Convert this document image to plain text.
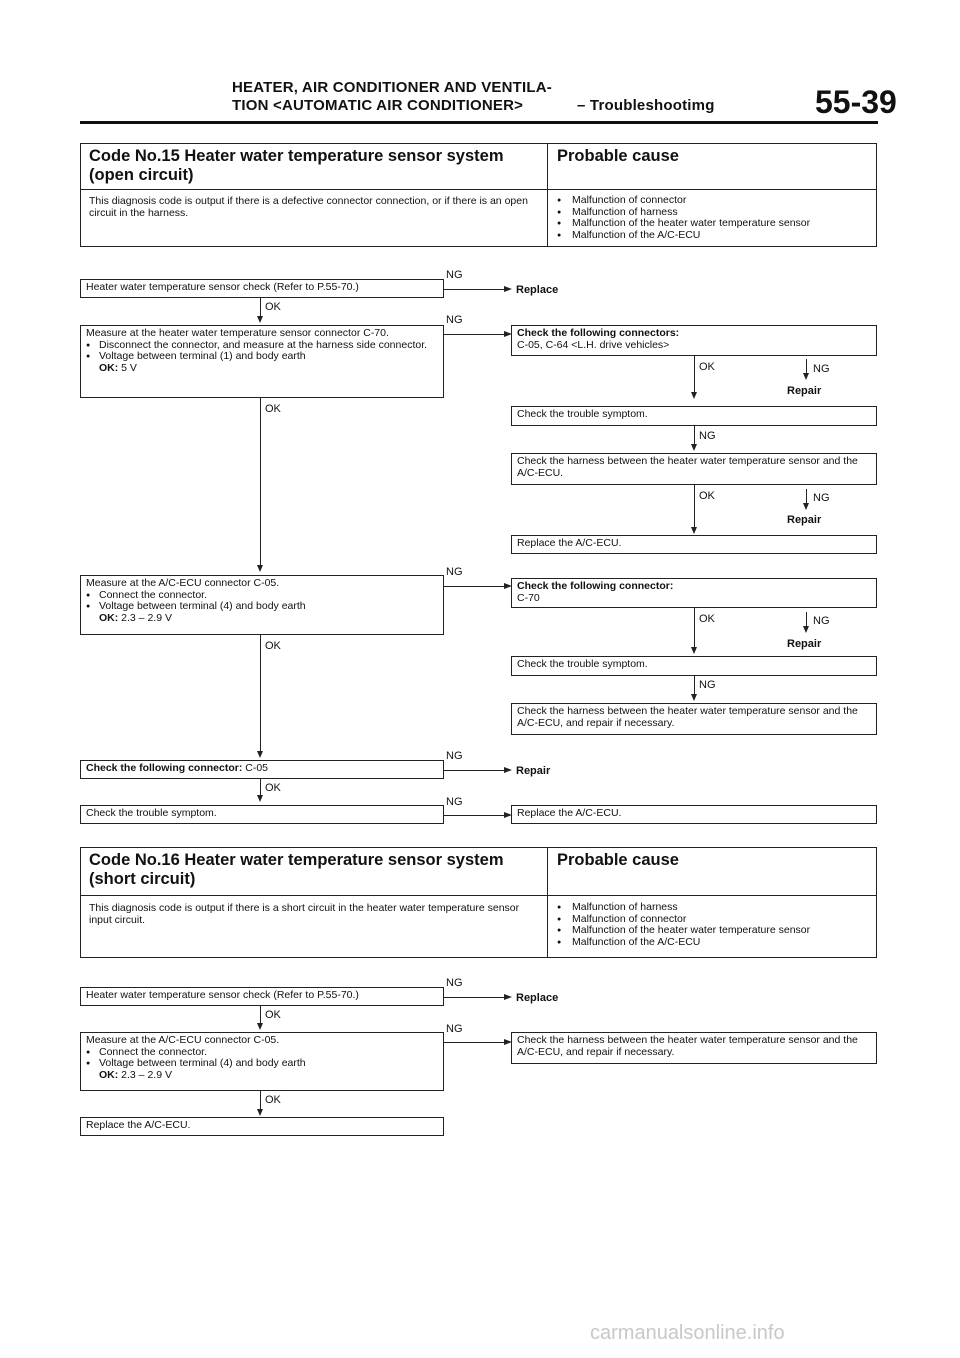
HEATER, AIR CONDITIONER AND VENTILA-
TION <AUTOMATIC AIR CONDITIONER>	– Troubleshootimg	55-39
Code No.15 Heater water temperature sensor system (open circuit)
Probable cause
This diagnosis code is output if there is a defective connector connection, or if there is an open circuit in the harness.
● Malfunction of connector
● Malfunction of harness
● Malfunction of the heater water temperature sensor
● Malfunction of the A/C-ECU
Heater water temperature sensor check (Refer to P.55-70.)
NG
Replace
OK
Measure at the heater water temperature sensor connector C-70.
● Disconnect the connector, and measure at the harness side connector.
● Voltage between terminal (1) and body earth
OK: 5 V
NG
Check the following connectors:
C-05, C-64 <L.H. drive vehicles>
OK	NG
Repair
Check the trouble symptom.
NG
Check the harness between the heater water temperature sensor and the A/C-ECU.
OK	NG
Repair
Replace the A/C-ECU.
OK
Measure at the A/C-ECU connector C-05.
● Connect the connector.
● Voltage between terminal (4) and body earth
OK: 2.3 – 2.9 V
NG
Check the following connector:
C-70
OK	NG
Repair
Check the trouble symptom.
NG
Check the harness between the heater water temperature sensor and the A/C-ECU, and repair if necessary.
OK
Check the following connector: C-05
NG
Repair
OK
Check the trouble symptom.
NG
Replace the A/C-ECU.
Code No.16 Heater water temperature sensor system (short circuit)
Probable cause
This diagnosis code is output if there is a short circuit in the heater water temperature sensor input circuit.
● Malfunction of harness
● Malfunction of connector
● Malfunction of the heater water temperature sensor
● Malfunction of the A/C-ECU
Heater water temperature sensor check (Refer to P.55-70.)
NG
Replace
OK
Measure at the A/C-ECU connector C-05.
● Connect the connector.
● Voltage between terminal (4) and body earth
OK: 2.3 – 2.9 V
NG
Check the harness between the heater water temperature sensor and the A/C-ECU, and repair if necessary.
OK
Replace the A/C-ECU.
carmanualsonline.info
